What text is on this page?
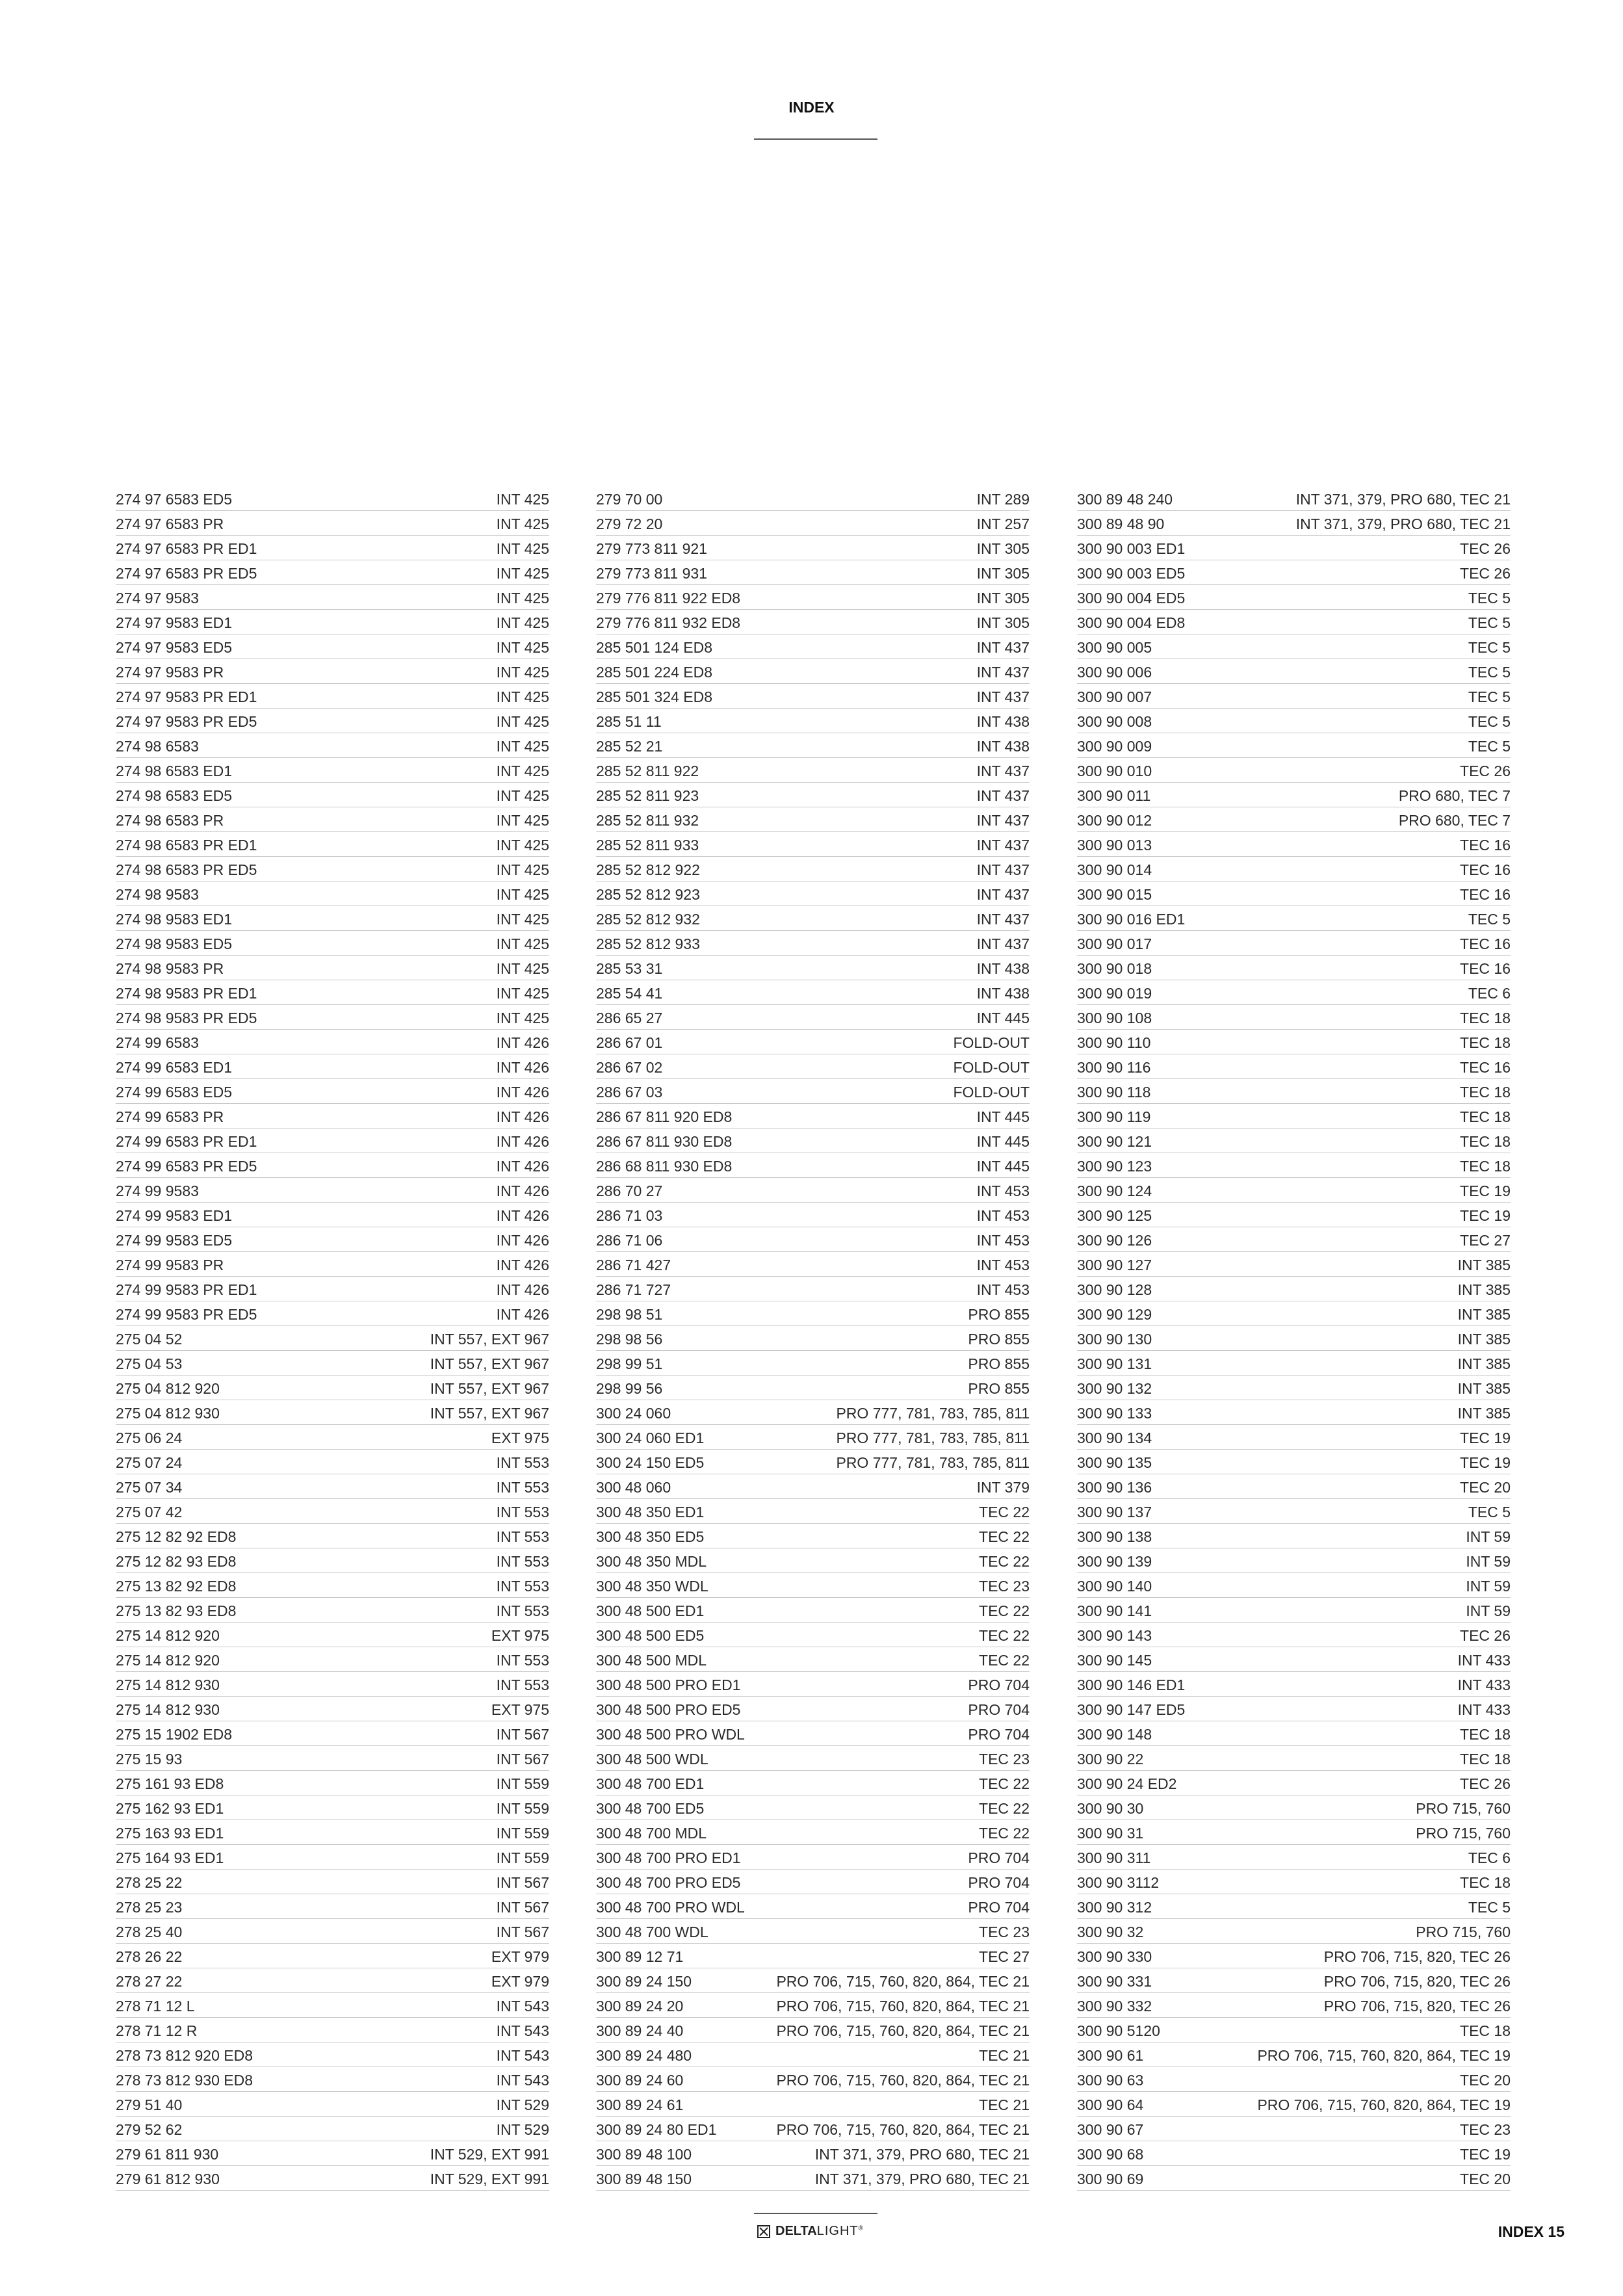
INDEX
274 97 6583 ED5	INT 425
274 97 6583 PR	INT 425
274 97 6583 PR ED1	INT 425
274 97 6583 PR ED5	INT 425
274 97 9583	INT 425
274 97 9583 ED1	INT 425
274 97 9583 ED5	INT 425
274 97 9583 PR	INT 425
274 97 9583 PR ED1	INT 425
274 97 9583 PR ED5	INT 425
274 98 6583	INT 425
274 98 6583 ED1	INT 425
274 98 6583 ED5	INT 425
274 98 6583 PR	INT 425
274 98 6583 PR ED1	INT 425
274 98 6583 PR ED5	INT 425
274 98 9583	INT 425
274 98 9583 ED1	INT 425
274 98 9583 ED5	INT 425
274 98 9583 PR	INT 425
274 98 9583 PR ED1	INT 425
274 98 9583 PR ED5	INT 425
274 99 6583	INT 426
274 99 6583 ED1	INT 426
274 99 6583 ED5	INT 426
274 99 6583 PR	INT 426
274 99 6583 PR ED1	INT 426
274 99 6583 PR ED5	INT 426
274 99 9583	INT 426
274 99 9583 ED1	INT 426
274 99 9583 ED5	INT 426
274 99 9583 PR	INT 426
274 99 9583 PR ED1	INT 426
274 99 9583 PR ED5	INT 426
275 04 52	INT 557, EXT 967
275 04 53	INT 557, EXT 967
275 04 812 920	INT 557, EXT 967
275 04 812 930	INT 557, EXT 967
275 06 24	EXT 975
275 07 24	INT 553
275 07 34	INT 553
275 07 42	INT 553
275 12 82 92 ED8	INT 553
275 12 82 93 ED8	INT 553
275 13 82 92 ED8	INT 553
275 13 82 93 ED8	INT 553
275 14 812 920	EXT 975
275 14 812 920	INT 553
275 14 812 930	INT 553
275 14 812 930	EXT 975
275 15 1902 ED8	INT 567
275 15 93	INT 567
275 161 93 ED8	INT 559
275 162 93 ED1	INT 559
275 163 93 ED1	INT 559
275 164 93 ED1	INT 559
278 25 22	INT 567
278 25 23	INT 567
278 25 40	INT 567
278 26 22	EXT 979
278 27 22	EXT 979
278 71 12 L	INT 543
278 71 12 R	INT 543
278 73 812 920 ED8	INT 543
278 73 812 930 ED8	INT 543
279 51 40	INT 529
279 52 62	INT 529
279 61 811 930	INT 529, EXT 991
279 61 812 930	INT 529, EXT 991
279 70 00	INT 289
279 72 20	INT 257
279 773 811 921	INT 305
279 773 811 931	INT 305
279 776 811 922 ED8	INT 305
279 776 811 932 ED8	INT 305
285 501 124 ED8	INT 437
285 501 224 ED8	INT 437
285 501 324 ED8	INT 437
285 51 11	INT 438
285 52 21	INT 438
285 52 811 922	INT 437
285 52 811 923	INT 437
285 52 811 932	INT 437
285 52 811 933	INT 437
285 52 812 922	INT 437
285 52 812 923	INT 437
285 52 812 932	INT 437
285 52 812 933	INT 437
285 53 31	INT 438
285 54 41	INT 438
286 65 27	INT 445
286 67 01	FOLD-OUT
286 67 02	FOLD-OUT
286 67 03	FOLD-OUT
286 67 811 920 ED8	INT 445
286 67 811 930 ED8	INT 445
286 68 811 930 ED8	INT 445
286 70 27	INT 453
286 71 03	INT 453
286 71 06	INT 453
286 71 427	INT 453
286 71 727	INT 453
298 98 51	PRO 855
298 98 56	PRO 855
298 99 51	PRO 855
298 99 56	PRO 855
300 24 060	PRO 777, 781, 783, 785, 811
300 24 060 ED1	PRO 777, 781, 783, 785, 811
300 24 150 ED5	PRO 777, 781, 783, 785, 811
300 48 060	INT 379
300 48 350 ED1	TEC 22
300 48 350 ED5	TEC 22
300 48 350 MDL	TEC 22
300 48 350 WDL	TEC 23
300 48 500 ED1	TEC 22
300 48 500 ED5	TEC 22
300 48 500 MDL	TEC 22
300 48 500 PRO ED1	PRO 704
300 48 500 PRO ED5	PRO 704
300 48 500 PRO WDL	PRO 704
300 48 500 WDL	TEC 23
300 48 700 ED1	TEC 22
300 48 700 ED5	TEC 22
300 48 700 MDL	TEC 22
300 48 700 PRO ED1	PRO 704
300 48 700 PRO ED5	PRO 704
300 48 700 PRO WDL	PRO 704
300 48 700 WDL	TEC 23
300 89 12 71	TEC 27
300 89 24 150	PRO 706, 715, 760, 820, 864, TEC 21
300 89 24 20	PRO 706, 715, 760, 820, 864, TEC 21
300 89 24 40	PRO 706, 715, 760, 820, 864, TEC 21
300 89 24 480	TEC 21
300 89 24 60	PRO 706, 715, 760, 820, 864, TEC 21
300 89 24 61	TEC 21
300 89 24 80 ED1	PRO 706, 715, 760, 820, 864, TEC 21
300 89 48 100	INT 371, 379, PRO 680, TEC 21
300 89 48 150	INT 371, 379, PRO 680, TEC 21
300 89 48 240	INT 371, 379, PRO 680, TEC 21
300 89 48 90	INT 371, 379, PRO 680, TEC 21
300 90 003 ED1	TEC 26
300 90 003 ED5	TEC 26
300 90 004 ED5	TEC 5
300 90 004 ED8	TEC 5
300 90 005	TEC 5
300 90 006	TEC 5
300 90 007	TEC 5
300 90 008	TEC 5
300 90 009	TEC 5
300 90 010	TEC 26
300 90 011	PRO 680, TEC 7
300 90 012	PRO 680, TEC 7
300 90 013	TEC 16
300 90 014	TEC 16
300 90 015	TEC 16
300 90 016 ED1	TEC 5
300 90 017	TEC 16
300 90 018	TEC 16
300 90 019	TEC 6
300 90 108	TEC 18
300 90 110	TEC 18
300 90 116	TEC 16
300 90 118	TEC 18
300 90 119	TEC 18
300 90 121	TEC 18
300 90 123	TEC 18
300 90 124	TEC 19
300 90 125	TEC 19
300 90 126	TEC 27
300 90 127	INT 385
300 90 128	INT 385
300 90 129	INT 385
300 90 130	INT 385
300 90 131	INT 385
300 90 132	INT 385
300 90 133	INT 385
300 90 134	TEC 19
300 90 135	TEC 19
300 90 136	TEC 20
300 90 137	TEC 5
300 90 138	INT 59
300 90 139	INT 59
300 90 140	INT 59
300 90 141	INT 59
300 90 143	TEC 26
300 90 145	INT 433
300 90 146 ED1	INT 433
300 90 147 ED5	INT 433
300 90 148	TEC 18
300 90 22	TEC 18
300 90 24 ED2	TEC 26
300 90 30	PRO 715, 760
300 90 31	PRO 715, 760
300 90 311	TEC 6
300 90 3112	TEC 18
300 90 312	TEC 5
300 90 32	PRO 715, 760
300 90 330	PRO 706, 715, 820, TEC 26
300 90 331	PRO 706, 715, 820, TEC 26
300 90 332	PRO 706, 715, 820, TEC 26
300 90 5120	TEC 18
300 90 61	PRO 706, 715, 760, 820, 864, TEC 19
300 90 63	TEC 20
300 90 64	PRO 706, 715, 760, 820, 864, TEC 19
300 90 67	TEC 23
300 90 68	TEC 19
300 90 69	TEC 20
DELTALIGHT®	INDEX 15
